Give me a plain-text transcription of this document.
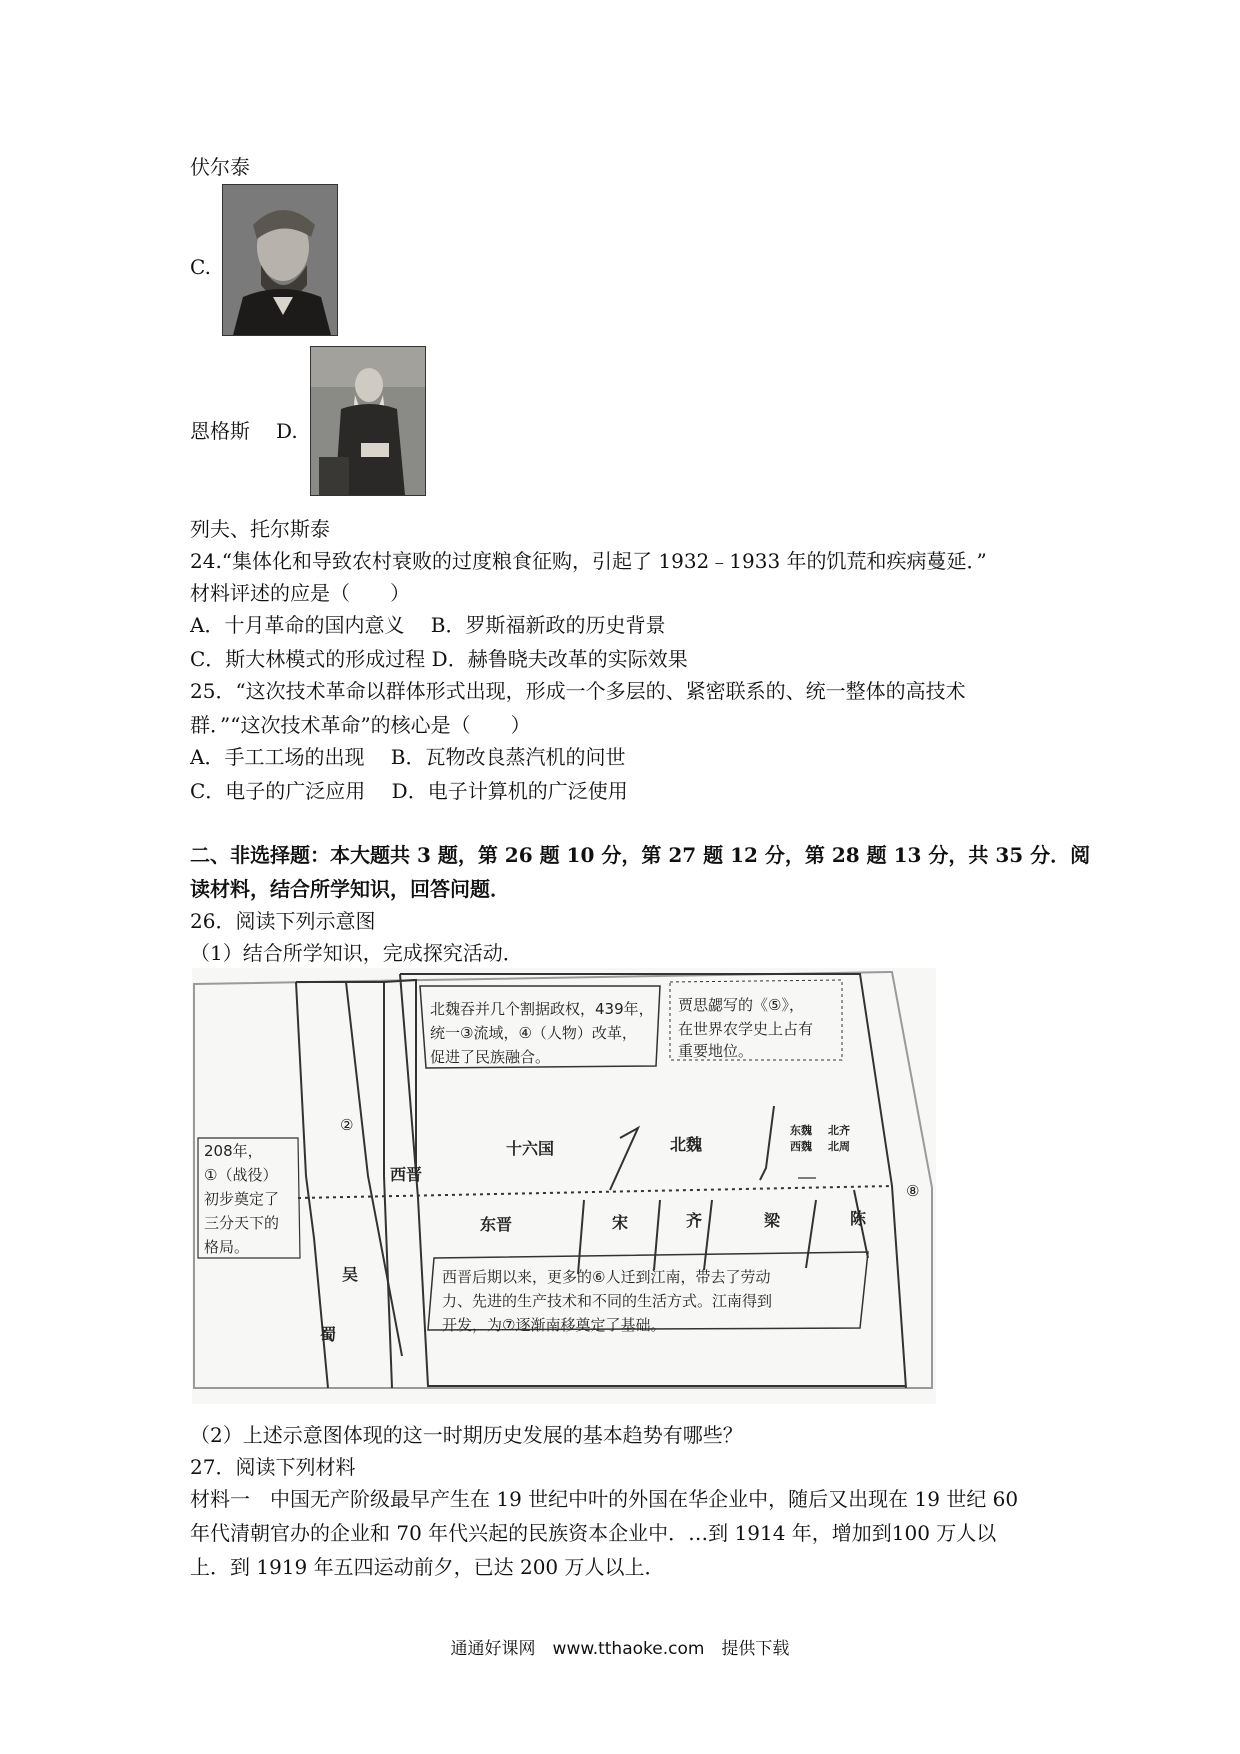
伏尔泰
C.
恩格斯 D.
列夫、托尔斯泰
24.“集体化和导致农村衰败的过度粮食征购，引起了 1932﹣1933 年的饥荒和疾病蔓延．”
材料评述的应是（　　）
A．十月革命的国内意义　 B．罗斯福新政的历史背景
C．斯大林模式的形成过程 D．赫鲁晓夫改革的实际效果
25．“这次技术革命以群体形式出现，形成一个多层的、紧密联系的、统一整体的高技术
群．”“这次技术革命”的核心是（　　）
A．手工工场的出现　 B．瓦物改良蒸汽机的问世
C．电子的广泛应用　 D．电子计算机的广泛使用
二、非选择题：本大题共 3 题，第 26 题 10 分，第 27 题 12 分，第 28 题 13 分，共 35 分．阅
读材料，结合所学知识，回答问题．
26．阅读下列示意图
（1）结合所学知识，完成探究活动．
北魏吞并几个割据政权，439年，
统一③流域，④（人物）改革，
促进了民族融合。
贾思勰写的《⑤》，
在世界农学史上占有
重要地位。
②
208年，
①（战役）
初步奠定了
三分天下的
格局。
西晋
十六国	北魏
东晋	宋	齐	梁	陈
吴
蜀
东魏
西魏
北齐
北周
⑧
西晋后期以来，更多的⑥人迁到江南，带去了劳动
力、先进的生产技术和不同的生活方式。江南得到
开发，为⑦逐渐南移奠定了基础。
（2）上述示意图体现的这一时期历史发展的基本趋势有哪些？
27．阅读下列材料
材料一　中国无产阶级最早产生在 19 世纪中叶的外国在华企业中，随后又出现在 19 世纪 60
年代清朝官办的企业和 70 年代兴起的民族资本企业中．…到 1914 年，增加到100 万人以
上．到 1919 年五四运动前夕，已达 200 万人以上．
通通好课网　www.tthaoke.com　提供下载
